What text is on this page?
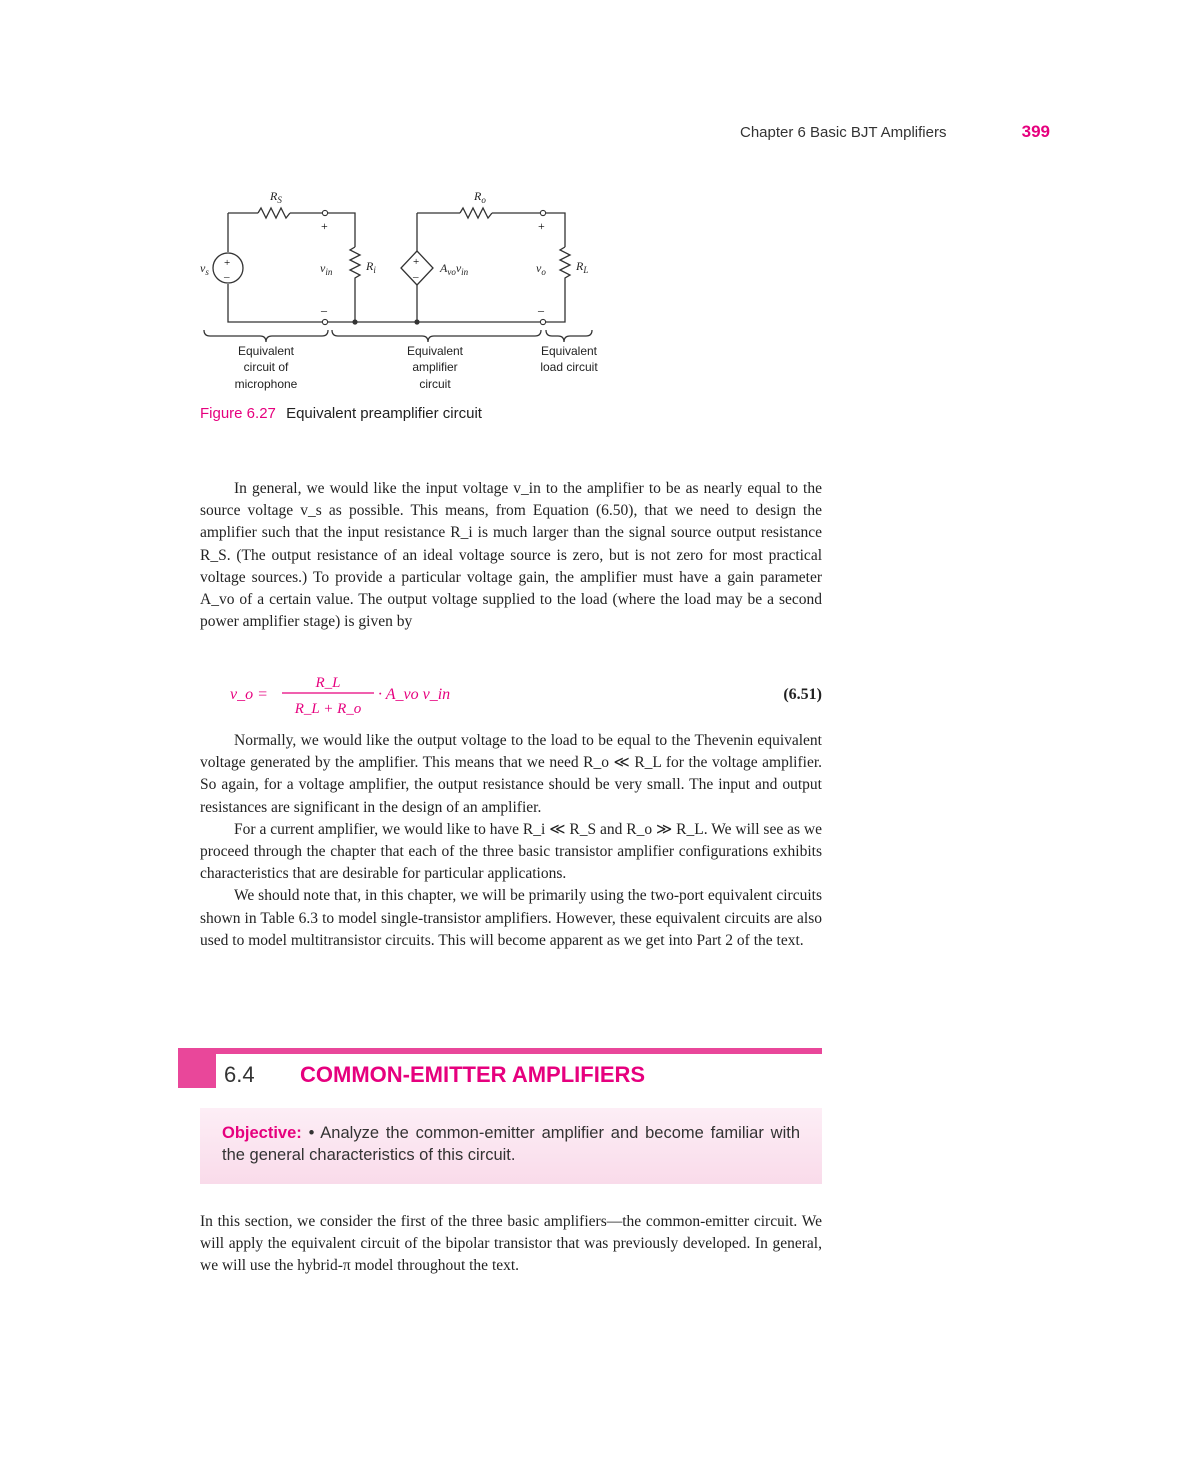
Chapter 6 Basic BJT Amplifiers	399
$R_S$	$R_o$
$v_s$
+
–
+
–
$v_{in}$	$R_i$
+
–
$A_{vo}v_{in}$
+
–
$v_o$	$R_L$
Equivalent
circuit of
microphone
Equivalent
amplifier
circuit
Equivalent
load circuit
Figure 6.27 Equivalent preamplifier circuit

In general, we would like the input voltage v_in to the amplifier to be as nearly equal to the source voltage v_s as possible. This means, from Equation (6.50), that we need to design the amplifier such that the input resistance R_i is much larger than the signal source output resistance R_S. (The output resistance of an ideal voltage source is zero, but is not zero for most practical voltage sources.) To provide a particular voltage gain, the amplifier must have a gain parameter A_vo of a certain value. The output voltage supplied to the load (where the load may be a second power amplifier stage) is given by

v_o =
R_L
R_L + R_o
· A_vo v_in	(6.51)

Normally, we would like the output voltage to the load to be equal to the Thevenin equivalent voltage generated by the amplifier. This means that we need R_o ≪ R_L for the voltage amplifier. So again, for a voltage amplifier, the output resistance should be very small. The input and output resistances are significant in the design of an amplifier.

For a current amplifier, we would like to have R_i ≪ R_S and R_o ≫ R_L. We will see as we proceed through the chapter that each of the three basic transistor amplifier configurations exhibits characteristics that are desirable for particular applications.

We should note that, in this chapter, we will be primarily using the two-port equivalent circuits shown in Table 6.3 to model single-transistor amplifiers. However, these equivalent circuits are also used to model multitransistor circuits. This will become apparent as we get into Part 2 of the text.

6.4 COMMON-EMITTER AMPLIFIERS
Objective: • Analyze the common-emitter amplifier and become familiar with the general characteristics of this circuit.

In this section, we consider the first of the three basic amplifiers—the common-emitter circuit. We will apply the equivalent circuit of the bipolar transistor that was previously developed. In general, we will use the hybrid-π model throughout the text.
